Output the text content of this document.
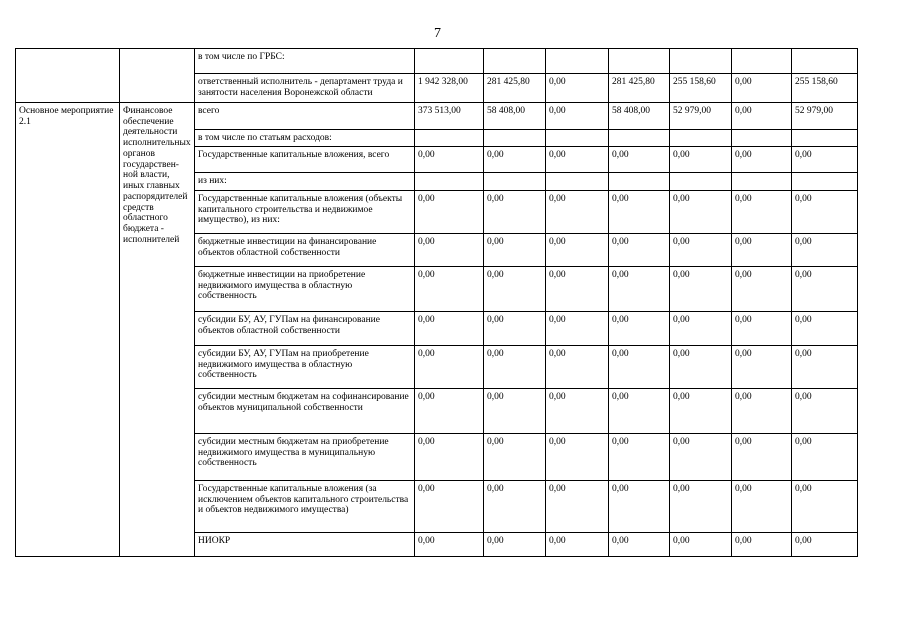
7
		в том числе по ГРБС:							
		ответственный исполнитель - департамент труда и занятости населения Воронежской области	1 942 328,00	281 425,80	0,00	281 425,80	255 158,60	0,00	255 158,60
Основное мероприятие 2.1	Финансовое обеспечение деятельности исполнительных органов государствен-ной власти, иных главных распорядителей средств областного бюджета - исполнителей	всего	373 513,00	58 408,00	0,00	58 408,00	52 979,00	0,00	52 979,00
		в том числе по статьям расходов:							
		Государственные капитальные вложения, всего	0,00	0,00	0,00	0,00	0,00	0,00	0,00
		из них:							
		Государственные капитальные вложения (объекты капитального строительства и недвижимое имущество), из них:	0,00	0,00	0,00	0,00	0,00	0,00	0,00
		бюджетные инвестиции на финансирование объектов областной собственности	0,00	0,00	0,00	0,00	0,00	0,00	0,00
		бюджетные инвестиции на приобретение недвижимого имущества в областную собственность	0,00	0,00	0,00	0,00	0,00	0,00	0,00
		субсидии БУ, АУ, ГУПам на финансирование объектов областной собственности	0,00	0,00	0,00	0,00	0,00	0,00	0,00
		субсидии БУ, АУ, ГУПам на приобретение недвижимого имущества в областную собственность	0,00	0,00	0,00	0,00	0,00	0,00	0,00
		субсидии местным бюджетам на софинансирование объектов муниципальной собственности	0,00	0,00	0,00	0,00	0,00	0,00	0,00
		субсидии местным бюджетам на приобретение недвижимого имущества в муниципальную собственность	0,00	0,00	0,00	0,00	0,00	0,00	0,00
		Государственные капитальные вложения (за исключением объектов капитального строительства и объектов недвижимого имущества)	0,00	0,00	0,00	0,00	0,00	0,00	0,00
		НИОКР	0,00	0,00	0,00	0,00	0,00	0,00	0,00
